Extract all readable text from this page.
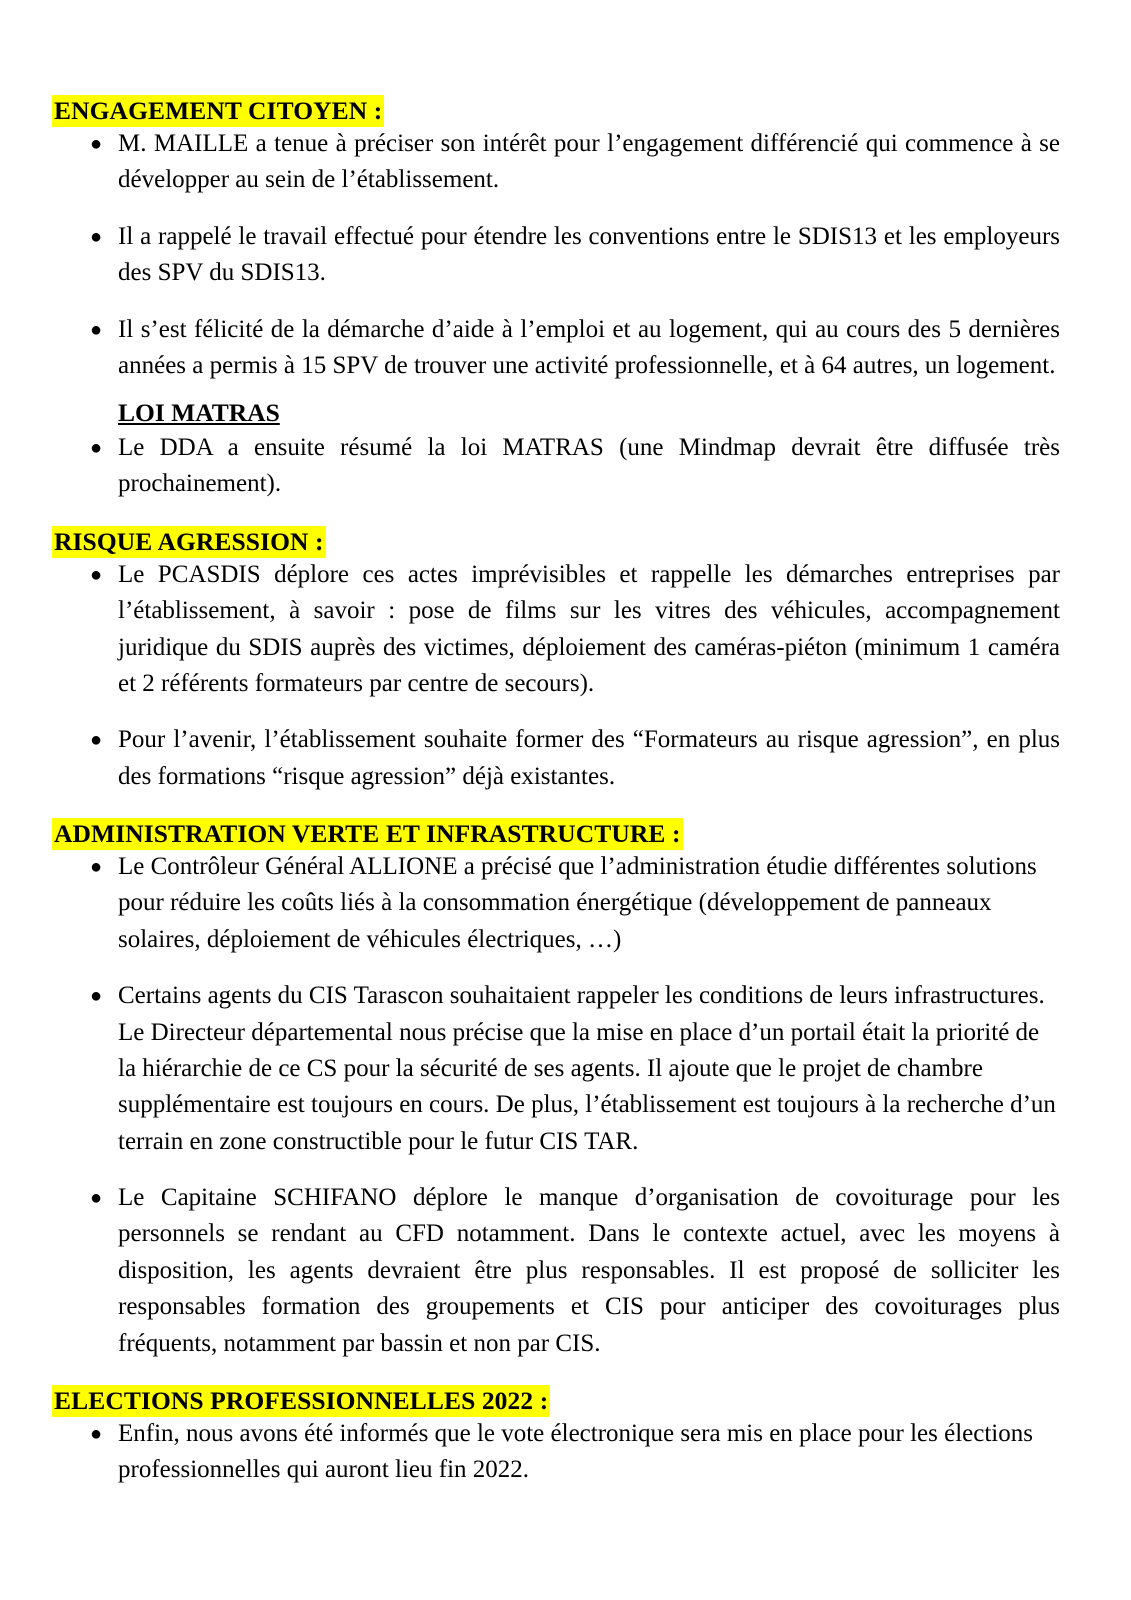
ENGAGEMENT CITOYEN :

● M. MAILLE a tenue à préciser son intérêt pour l’engagement différencié qui commence à se développer au sein de l’établissement.
● Il a rappelé le travail effectué pour étendre les conventions entre le SDIS13 et les employeurs des SPV du SDIS13.
● Il s’est félicité de la démarche d’aide à l’emploi et au logement, qui au cours des 5 dernières années a permis à 15 SPV de trouver une activité professionnelle, et à 64 autres, un logement.
LOI MATRAS
● Le DDA a ensuite résumé la loi MATRAS (une Mindmap devrait être diffusée très prochainement).

RISQUE AGRESSION :

● Le PCASDIS déplore ces actes imprévisibles et rappelle les démarches entreprises par l’établissement, à savoir : pose de films sur les vitres des véhicules, accompagnement juridique du SDIS auprès des victimes, déploiement des caméras-piéton (minimum 1 caméra et 2 référents formateurs par centre de secours).
● Pour l’avenir, l’établissement souhaite former des “Formateurs au risque agression”, en plus des formations “risque agression” déjà existantes.

ADMINISTRATION VERTE ET INFRASTRUCTURE :

● Le Contrôleur Général ALLIONE a précisé que l’administration étudie différentes solutions pour réduire les coûts liés à la consommation énergétique (développement de panneaux solaires, déploiement de véhicules électriques, …)
● Certains agents du CIS Tarascon souhaitaient rappeler les conditions de leurs infrastructures. Le Directeur départemental nous précise que la mise en place d’un portail était la priorité de la hiérarchie de ce CS pour la sécurité de ses agents. Il ajoute que le projet de chambre supplémentaire est toujours en cours. De plus, l’établissement est toujours à la recherche d’un terrain en zone constructible pour le futur CIS TAR.
● Le Capitaine SCHIFANO déplore le manque d’organisation de covoiturage pour les personnels se rendant au CFD notamment. Dans le contexte actuel, avec les moyens à disposition, les agents devraient être plus responsables. Il est proposé de solliciter les responsables formation des groupements et CIS pour anticiper des covoiturages plus fréquents, notamment par bassin et non par CIS.

ELECTIONS PROFESSIONNELLES 2022 :

● Enfin, nous avons été informés que le vote électronique sera mis en place pour les élections professionnelles qui auront lieu fin 2022.
